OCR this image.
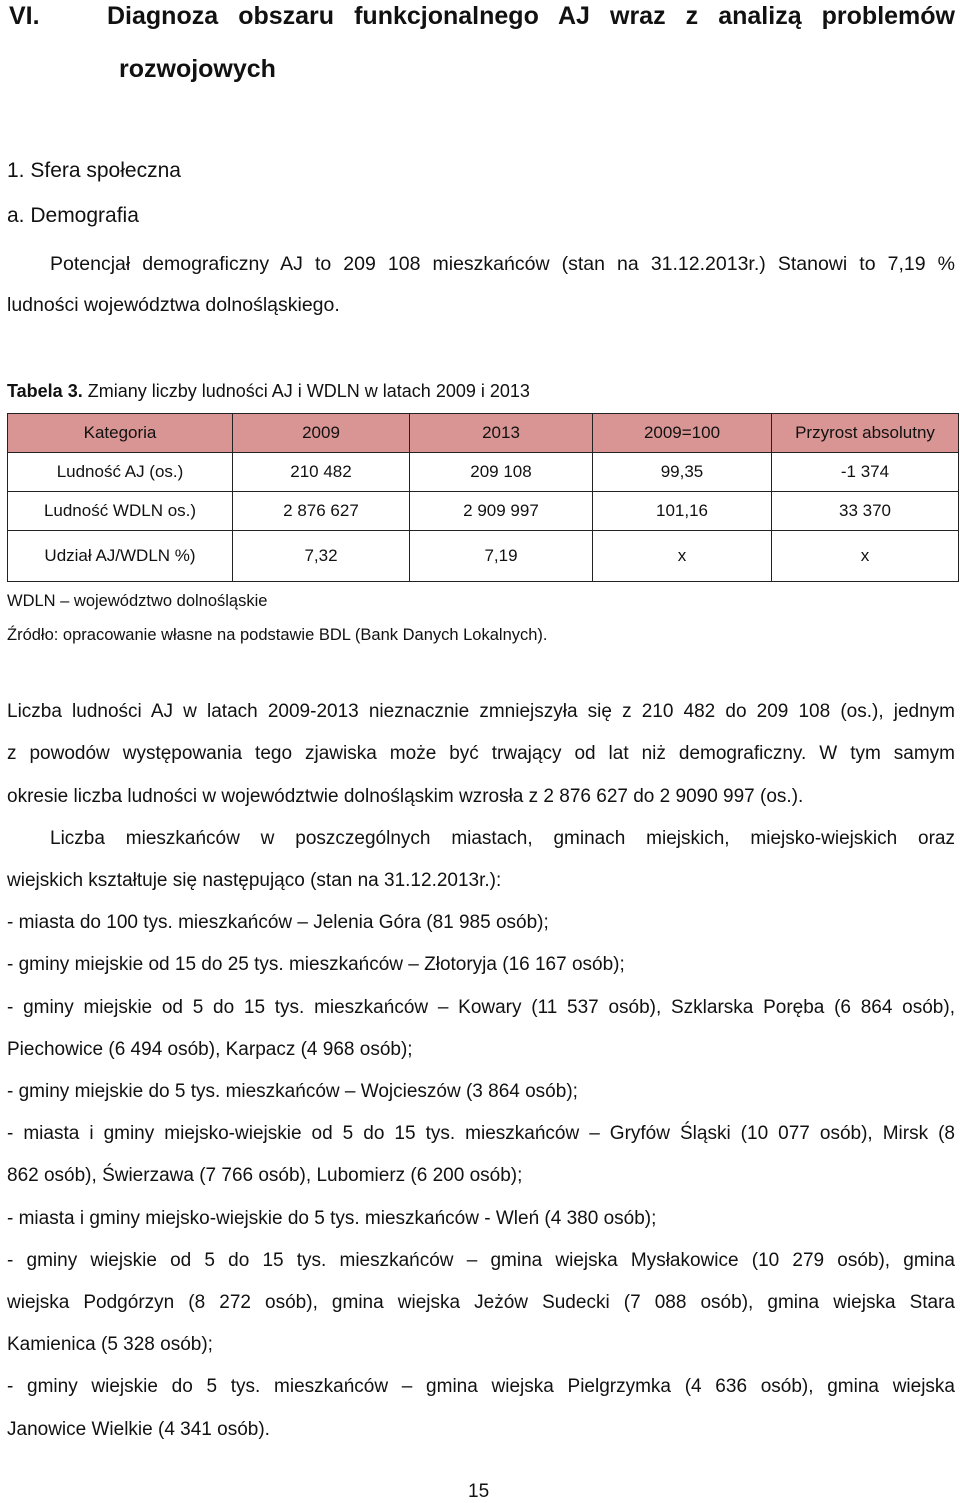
VI.	Diagnoza obszaru funkcjonalnego AJ wraz z analizą problemów
rozwojowych

1. Sfera społeczna

a. Demografia

Potencjał demograficzny AJ to 209 108 mieszkańców (stan na 31.12.2013r.) Stanowi to 7,19 %

ludności województwa dolnośląskiego.

Tabela 3. Zmiany liczby ludności AJ i WDLN w latach 2009 i 2013

Kategoria	2009	2013	2009=100	Przyrost absolutny
Ludność AJ (os.)	210 482	209 108	99,35	-1 374
Ludność WDLN os.)	2 876 627	2 909 997	101,16	33 370
Udział AJ/WDLN %)	7,32	7,19	x	x

WDLN – województwo dolnośląskie

Źródło: opracowanie własne na podstawie BDL (Bank Danych Lokalnych).

Liczba ludności AJ w latach 2009-2013 nieznacznie zmniejszyła się z 210 482 do 209 108 (os.), jednym

z powodów występowania tego zjawiska może być trwający od lat niż demograficzny. W tym samym

okresie liczba ludności w województwie dolnośląskim wzrosła z 2 876 627 do 2 9090 997 (os.).

Liczba mieszkańców w poszczególnych miastach, gminach miejskich, miejsko-wiejskich oraz

wiejskich kształtuje się następująco (stan na 31.12.2013r.):

- miasta do 100 tys. mieszkańców – Jelenia Góra (81 985 osób);

- gminy miejskie od 15 do 25 tys. mieszkańców – Złotoryja (16 167 osób);

- gminy miejskie od 5 do 15 tys. mieszkańców – Kowary (11 537 osób), Szklarska Poręba (6 864 osób),

Piechowice (6 494 osób), Karpacz (4 968 osób);

- gminy miejskie do 5 tys. mieszkańców – Wojcieszów (3 864 osób);

- miasta i gminy miejsko-wiejskie od 5 do 15 tys. mieszkańców – Gryfów Śląski (10 077 osób), Mirsk (8

862 osób), Świerzawa (7 766 osób), Lubomierz (6 200 osób);

- miasta i gminy miejsko-wiejskie do 5 tys. mieszkańców - Wleń (4 380 osób);

- gminy wiejskie od 5 do 15 tys. mieszkańców – gmina wiejska Mysłakowice (10 279 osób), gmina

wiejska Podgórzyn (8 272 osób), gmina wiejska Jeżów Sudecki (7 088 osób), gmina wiejska Stara

Kamienica (5 328 osób);

- gminy wiejskie do 5 tys. mieszkańców – gmina wiejska Pielgrzymka (4 636 osób), gmina wiejska

Janowice Wielkie (4 341 osób).

15
